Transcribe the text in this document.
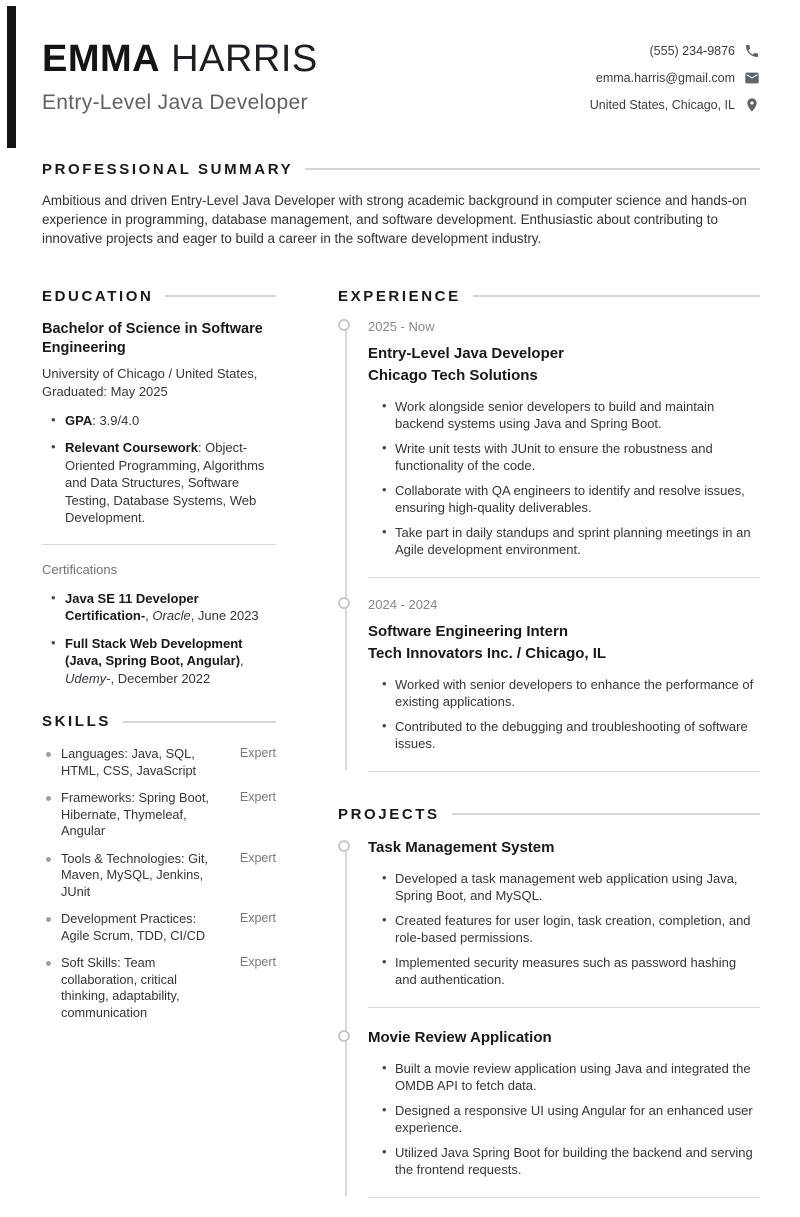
EMMA HARRIS
Entry-Level Java Developer
(555) 234-9876
emma.harris@gmail.com
United States, Chicago, IL
PROFESSIONAL SUMMARY

Ambitious and driven Entry-Level Java Developer with strong academic background in computer science and hands-on experience in programming, database management, and software development. Enthusiastic about contributing to innovative projects and eager to build a career in the software development industry.

EDUCATION
Bachelor of Science in Software Engineering
University of Chicago / United States, Graduated: May 2025
• GPA: 3.9/4.0
• Relevant Coursework: Object-Oriented Programming, Algorithms and Data Structures, Software Testing, Database Systems, Web Development.
Certifications
• Java SE 11 Developer Certification-, Oracle, June 2023
• Full Stack Web Development (Java, Spring Boot, Angular), Udemy-, December 2022
SKILLS
Languages: Java, SQL, HTML, CSS, JavaScript
Expert
Frameworks: Spring Boot, Hibernate, Thymeleaf, Angular
Expert
Tools & Technologies: Git, Maven, MySQL, Jenkins, JUnit
Expert
Development Practices: Agile Scrum, TDD, CI/CD
Expert
Soft Skills: Team collaboration, critical thinking, adaptability, communication
Expert
EXPERIENCE
2025 - Now
Entry-Level Java Developer
Chicago Tech Solutions
• Work alongside senior developers to build and maintain backend systems using Java and Spring Boot.
• Write unit tests with JUnit to ensure the robustness and functionality of the code.
• Collaborate with QA engineers to identify and resolve issues, ensuring high-quality deliverables.
• Take part in daily standups and sprint planning meetings in an Agile development environment.
2024 - 2024
Software Engineering Intern
Tech Innovators Inc. / Chicago, IL
• Worked with senior developers to enhance the performance of existing applications.
• Contributed to the debugging and troubleshooting of software issues.
PROJECTS
Task Management System
• Developed a task management web application using Java, Spring Boot, and MySQL.
• Created features for user login, task creation, completion, and role-based permissions.
• Implemented security measures such as password hashing and authentication.
Movie Review Application
• Built a movie review application using Java and integrated the OMDB API to fetch data.
• Designed a responsive UI using Angular for an enhanced user experience.
• Utilized Java Spring Boot for building the backend and serving the frontend requests.
